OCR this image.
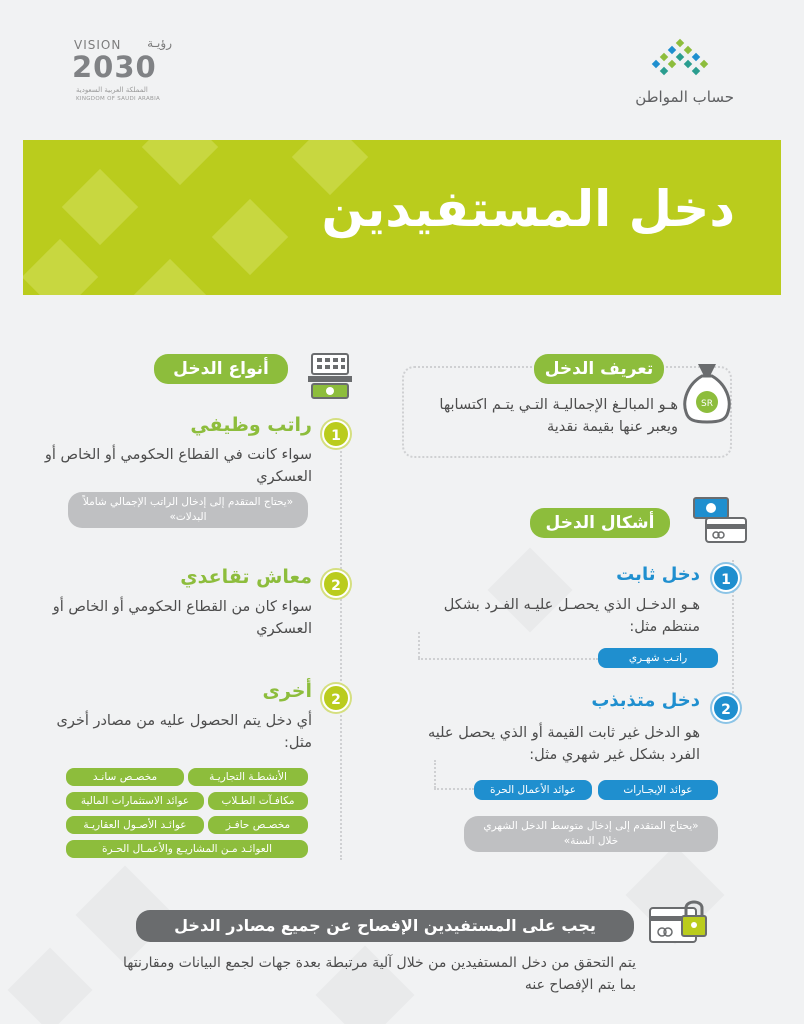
VISION رؤيـة
2030
المملكة العربية السعودية
KINGDOM OF SAUDI ARABIA	حساب المواطن
دخل المستفيدين
تعريف الدخل
SR
هـو المبالـغ الإجماليـة التـي يتـم اكتسابها ويعبر عنها بقيمة نقدية
أنواع الدخل
1
راتب وظيفي
سواء كانت في القطاع الحكومي أو الخاص أو العسكري
«يحتاج المتقدم إلى إدخال الراتب الإجمالي شاملاً البدلات»
2
معاش تقاعدي
سواء كان من القطاع الحكومي أو الخاص أو العسكري
2
أخرى
أي دخل يتم الحصول عليه من مصادر أخرى مثل:
الأنشطـة التجاريـة
مخصـص سانـد
مكافـآت الطـلاب
عوائد الاستثمارات المالية
مخصـص حافـز
عوائـد الأصـول العقاريـة
العوائـد مـن المشاريـع والأعمـال الحـرة
أشكال الدخل
1
دخل ثابت
هـو الدخـل الذي يحصـل عليـه الفـرد بشكل منتظم مثل:
راتـب شهـري
2
دخل متذبذب
هو الدخل غير ثابت القيمة أو الذي يحصل عليه الفرد بشكل غير شهري مثل:
عوائد الإيجـارات
عوائد الأعمال الحرة
«يحتاج المتقدم إلى إدخال متوسط الدخل الشهري خلال السنة»
يجب على المستفيدين الإفصاح عن جميع مصادر الدخل
يتم التحقق من دخل المستفيدين من خلال آلية مرتبطة بعدة جهات لجمع البيانات ومقارنتها بما يتم الإفصاح عنه
